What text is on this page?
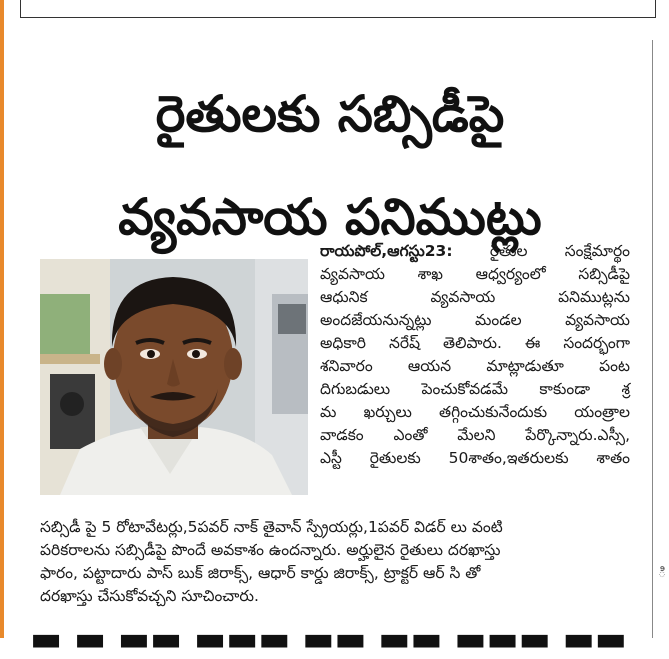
ి
రైతులకు సబ్సిడీపై
వ్యవసాయ పనిముట్లు
రాయపోల్,ఆగస్టు23: రైతుల సంక్షేమార్థం
వ్యవసాయ శాఖ ఆధ్వర్యంలో సబ్సిడీపై
ఆధునిక వ్యవసాయ పనిముట్లను
అందజేయనున్నట్లు మండల వ్యవసాయ
అధికారి నరేష్ తెలిపారు. ఈ సందర్భంగా
శనివారం ఆయన మాట్లాడుతూ పంట
దిగుబడులు పెంచుకోవడమే కాకుండా శ్ర
మ ఖర్చులు తగ్గించుకునేందుకు యంత్రాల
వాడకం ఎంతో మేలని పేర్కొన్నారు.ఎస్సీ,
ఎస్టీ రైతులకు 50శాతం,ఇతరులకు శాతం
సబ్సిడీ పై 5 రోటావేటర్లు,5పవర్ నాక్ తైవాన్ స్ప్రేయర్లు,1పవర్ విడర్ లు వంటి
పరికరాలను సబ్సిడీపై పొందే అవకాశం ఉందన్నారు. అర్హులైన రైతులు దరఖాస్తు
ఫారం, పట్టాదారు పాస్ బుక్ జిరాక్స్, ఆధార్ కార్డు జిరాక్స్, ట్రాక్టర్ ఆర్ సి తో
దరఖాస్తు చేసుకోవచ్చని సూచించారు.
▬ ▬ ▬▬ ▬▬▬ ▬▬ ▬▬ ▬▬▬ ▬▬
